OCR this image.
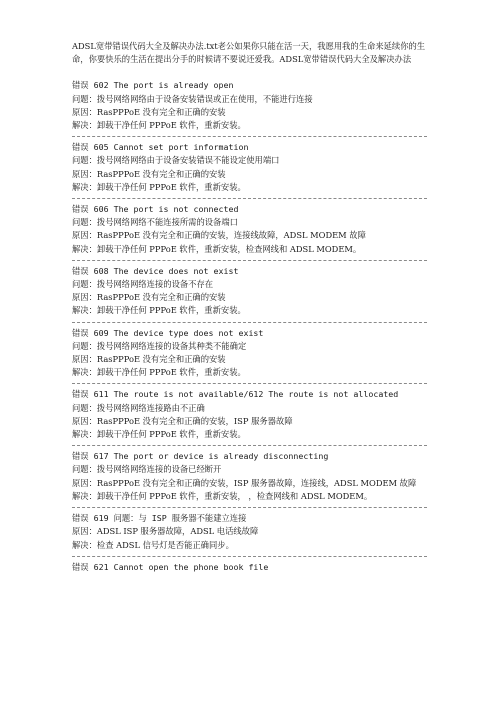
ADSL宽带错误代码大全及解决办法.txt老公如果你只能在活一天，我愿用我的生命来延续你的生命，你要快乐的生活在提出分手的时候请不要说还爱我。ADSL宽带错误代码大全及解决办法
错误 602 The port is already open
问题：拨号网络网络由于设备安装错误或正在使用，不能进行连接
原因：RasPPPoE 没有完全和正确的安装
解决：卸载干净任何 PPPoE 软件，重新安装。
错误 605 Cannot set port information
问题：拨号网络网络由于设备安装错误不能设定使用端口
原因：RasPPPoE 没有完全和正确的安装
解决：卸载干净任何 PPPoE 软件，重新安装。
错误 606 The port is not connected
问题：拨号网络网络不能连接所需的设备端口
原因：RasPPPoE 没有完全和正确的安装，连接线故障，ADSL MODEM 故障
解决：卸载干净任何 PPPoE 软件，重新安装，检查网线和 ADSL MODEM。
错误 608 The device does not exist
问题：拨号网络网络连接的设备不存在
原因：RasPPPoE 没有完全和正确的安装
解决：卸载干净任何 PPPoE 软件，重新安装。
错误 609 The device type does not exist
问题：拨号网络网络连接的设备其种类不能确定
原因：RasPPPoE 没有完全和正确的安装
解决：卸载干净任何 PPPoE 软件，重新安装。
错误 611 The route is not available/612 The route is not allocated
问题：拨号网络网络连接路由不正确
原因：RasPPPoE 没有完全和正确的安装，ISP 服务器故障
解决：卸载干净任何 PPPoE 软件，重新安装。
错误 617 The port or device is already disconnecting
问题：拨号网络网络连接的设备已经断开
原因：RasPPPoE 没有完全和正确的安装，ISP 服务器故障，连接线，ADSL MODEM 故障
解决：卸载干净任何 PPPoE 软件，重新安装， ，检查网线和 ADSL MODEM。
错误 619 问题：与 ISP 服务器不能建立连接
原因：ADSL ISP 服务器故障，ADSL 电话线故障
解决：检查 ADSL 信号灯是否能正确同步。
错误 621 Cannot open the phone book file
